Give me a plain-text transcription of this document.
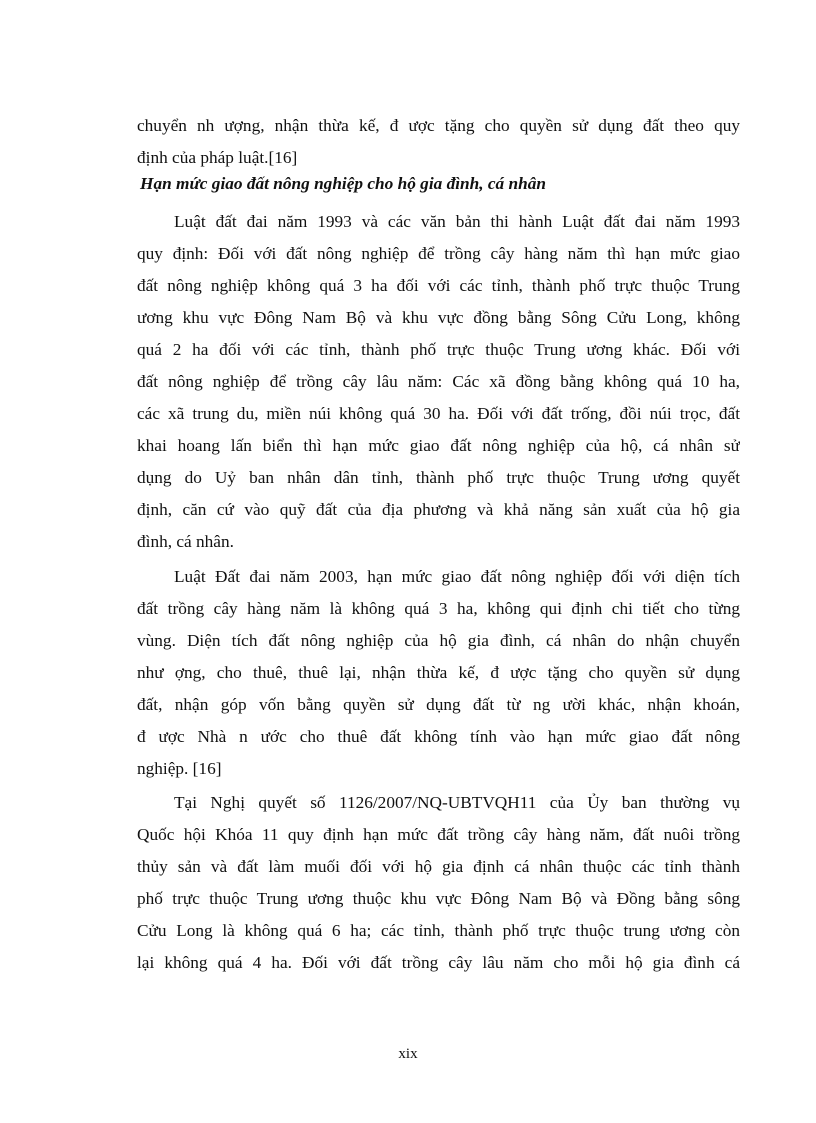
chuyển nh ượng, nhận thừa kế, đ ược tặng cho quyền sử dụng đất theo quy
định của pháp luật.[16]
Hạn mức giao đất nông nghiệp cho hộ gia đình, cá nhân
Luật đất đai năm 1993 và các văn bản thi hành Luật đất đai năm 1993
quy định: Đối với đất nông nghiệp để trồng cây hàng năm thì hạn mức giao
đất nông nghiệp không quá 3 ha đối với các tỉnh, thành phố trực thuộc Trung
ương khu vực Đông Nam Bộ và khu vực đồng bằng Sông Cửu Long, không
quá 2 ha đối với các tỉnh, thành phố trực thuộc Trung ương khác. Đối với
đất nông nghiệp để trồng cây lâu năm: Các xã đồng bằng không quá 10 ha,
các xã trung du, miền núi không quá 30 ha. Đối với đất trống, đồi núi trọc, đất
khai hoang lấn biển thì hạn mức giao đất nông nghiệp của hộ, cá nhân sử
dụng do Uỷ ban nhân dân tỉnh, thành phố trực thuộc Trung ương quyết
định, căn cứ vào quỹ đất của địa phương và khả năng sản xuất của hộ gia
đình, cá nhân.
Luật Đất đai năm 2003, hạn mức giao đất nông nghiệp đối với diện tích
đất trồng cây hàng năm là không quá 3 ha, không qui định chi tiết cho từng
vùng. Diện tích đất nông nghiệp của hộ gia đình, cá nhân do nhận chuyển
như ợng, cho thuê, thuê lại, nhận thừa kế, đ ược tặng cho quyền sử dụng
đất, nhận góp vốn bằng quyền sử dụng đất từ ng ười khác, nhận khoán,
đ ược Nhà n ước cho thuê đất không tính vào hạn mức giao đất nông
nghiệp. [16]
Tại Nghị quyết số 1126/2007/NQ-UBTVQH11 của Ủy ban thường vụ
Quốc hội Khóa 11 quy định hạn mức đất trồng cây hàng năm, đất nuôi trồng
thủy sản và đất làm muối đối với hộ gia định cá nhân thuộc các tỉnh thành
phố trực thuộc Trung ương thuộc khu vực Đông Nam Bộ và Đồng bằng sông
Cửu Long là không quá 6 ha; các tỉnh, thành phố trực thuộc trung ương còn
lại không quá 4 ha. Đối với đất trồng cây lâu năm cho mỗi hộ gia đình cá
xix
